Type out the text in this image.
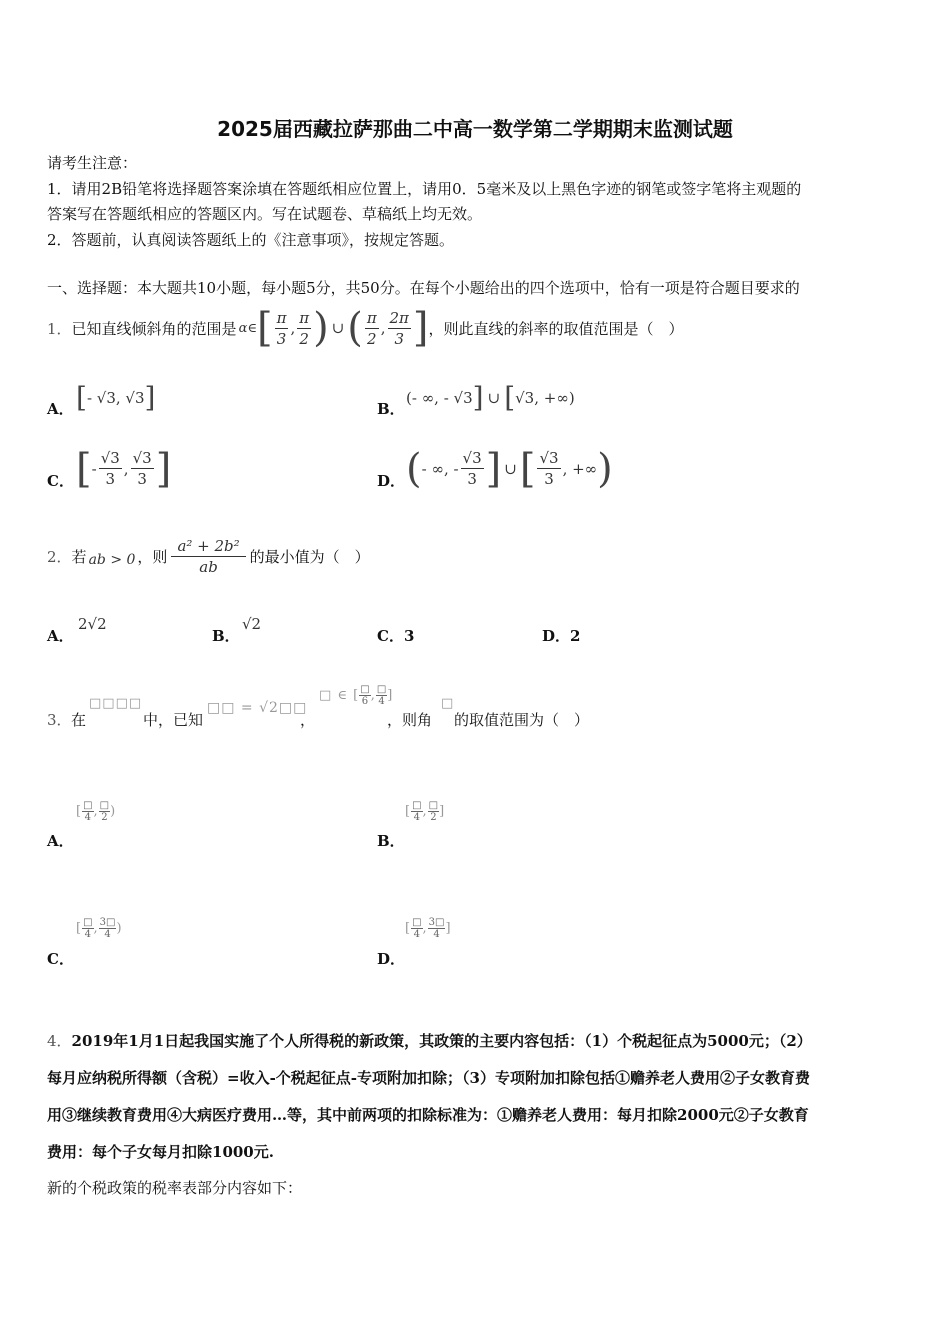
2025届西藏拉萨那曲二中高一数学第二学期期末监测试题
请考生注意：
1．请用2B铅笔将选择题答案涂填在答题纸相应位置上，请用0．5毫米及以上黑色字迹的钢笔或签字笔将主观题的
答案写在答题纸相应的答题区内。写在试题卷、草稿纸上均无效。
2．答题前，认真阅读答题纸上的《注意事项》，按规定答题。
一、选择题：本大题共10小题，每小题5分，共50分。在每个小题给出的四个选项中，恰有一项是符合题目要求的
1． 已知直线倾斜角的范围是 α∈ [ $\frac{\pi}{3}$ , $\frac{\pi}{2}$ ) ∪ ( $\frac{\pi}{2}$ , $\frac{2\pi}{3}$ ] ，则此直线的斜率的取值范围是（　）
A． [ - √3, √3 ]	B．
(- ∞, - √3 ] ∪ [ √3, +∞)
C． [ - $\frac{√3}{3}$ , $\frac{√3}{3}$ ]	D． ( - ∞, - $\frac{√3}{3}$ ] ∪ [ $\frac{√3}{3}$ , +∞ )
2． 若 ab > 0 ，则 $\frac{\text{a² + 2b²}}{ab}$ 的最小值为（　）
A．
2√2
B．
√2
C．3	D．2
3． 在
□□□□
中，已知
□□ = √2□□
，
□ ∈ [ $\frac{□}{6}$ , $\frac{□}{4}$ ]
，则角
□
的取值范围为（　）
A．
[ $\frac{□}{4}$ , $\frac{□}{2}$ )
B．
[ $\frac{□}{4}$ , $\frac{□}{2}$ ]
C．
[ $\frac{□}{4}$ , $\frac{3□}{4}$ )
D．
[ $\frac{□}{4}$ , $\frac{3□}{4}$ ]
4．2019年1月1日起我国实施了个人所得税的新政策，其政策的主要内容包括：（1）个税起征点为5000元；（2）
每月应纳税所得额（含税）=收入-个税起征点-专项附加扣除；（3）专项附加扣除包括①赡养老人费用②子女教育费
用③继续教育费用④大病医疗费用…等，其中前两项的扣除标准为：①赡养老人费用：每月扣除2000元②子女教育
费用：每个子女每月扣除1000元.
新的个税政策的税率表部分内容如下：
